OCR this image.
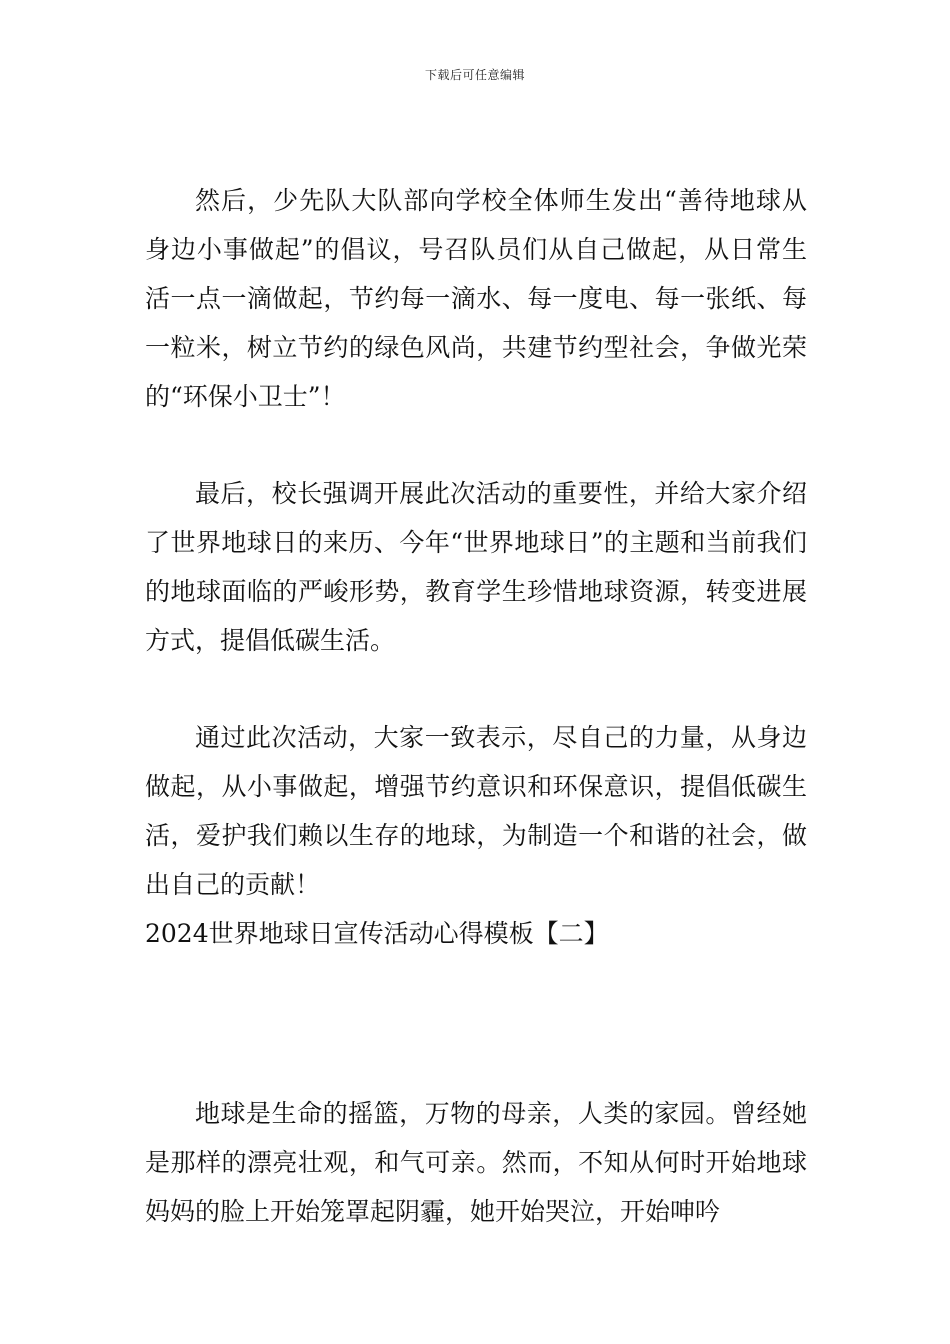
下载后可任意编辑

然后，少先队大队部向学校全体师生发出“善待地球从身边小事做起”的倡议，号召队员们从自己做起，从日常生活一点一滴做起，节约每一滴水、每一度电、每一张纸、每一粒米，树立节约的绿色风尚，共建节约型社会，争做光荣的“环保小卫士”！

最后，校长强调开展此次活动的重要性，并给大家介绍了世界地球日的来历、今年“世界地球日”的主题和当前我们的地球面临的严峻形势，教育学生珍惜地球资源，转变进展方式，提倡低碳生活。

通过此次活动，大家一致表示，尽自己的力量，从身边做起，从小事做起，增强节约意识和环保意识，提倡低碳生活，爱护我们赖以生存的地球，为制造一个和谐的社会，做出自己的贡献！

2024世界地球日宣传活动心得模板【二】

地球是生命的摇篮，万物的母亲，人类的家园。曾经她是那样的漂亮壮观，和气可亲。然而，不知从何时开始地球妈妈的脸上开始笼罩起阴霾，她开始哭泣，开始呻吟
